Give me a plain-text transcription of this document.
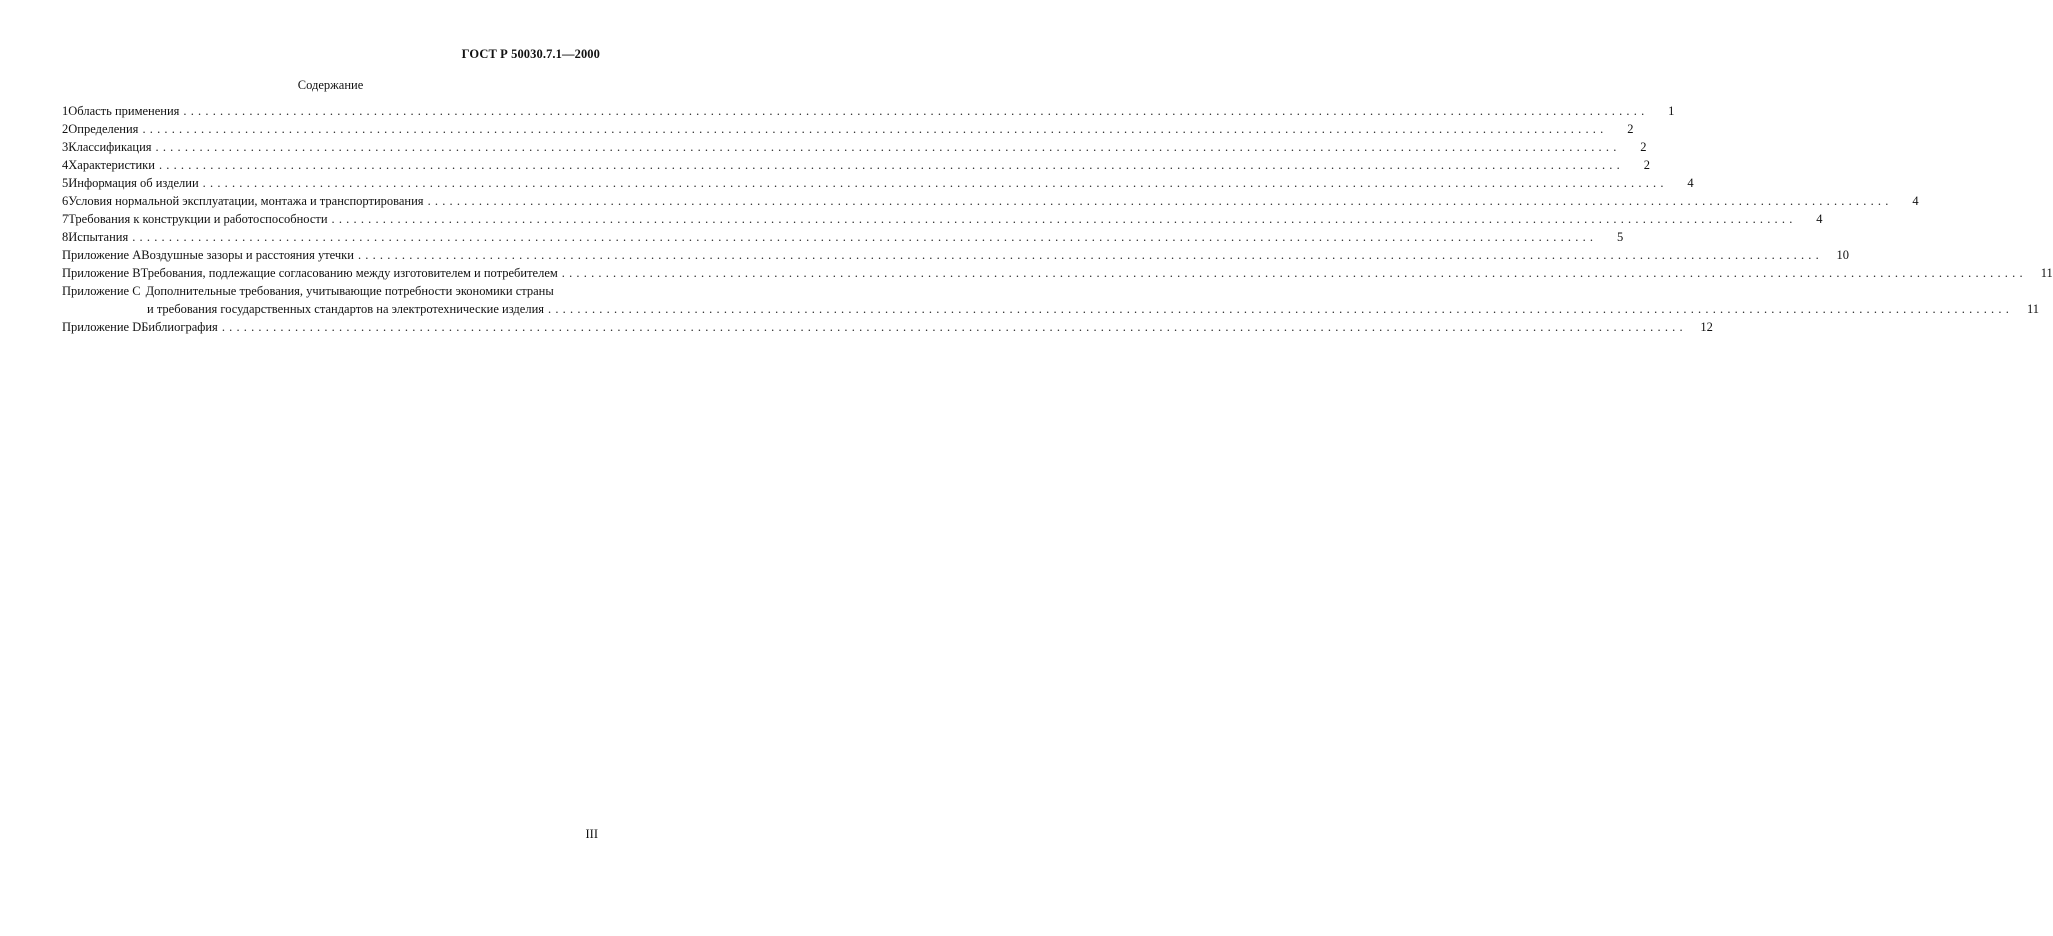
ГОСТ Р 50030.7.1—2000
Содержание
1 Область применения ........................................................................................................................................................................................................	1
2 Определения ........................................................................................................................................................................................................	2
3 Классификация ........................................................................................................................................................................................................	2
4 Характеристики ........................................................................................................................................................................................................	2
5 Информация об изделии ........................................................................................................................................................................................................	4
6 Условия нормальной эксплуатации, монтажа и транспортирования ........................................................................................................................................................................................................	4
7 Требования к конструкции и работоспособности ........................................................................................................................................................................................................	4
8 Испытания ........................................................................................................................................................................................................	5
Приложение А Воздушные зазоры и расстояния утечки ........................................................................................................................................................................................................	10
Приложение В Требования, подлежащие согласованию между изготовителем и потребителем ........................................................................................................................................................................................................	11
Приложение С Дополнительные требования, учитывающие потребности экономики страны
и требования государственных стандартов на электротехнические изделия ........................................................................................................................................................................................................	11
Приложение D Библиография ........................................................................................................................................................................................................	12
III
